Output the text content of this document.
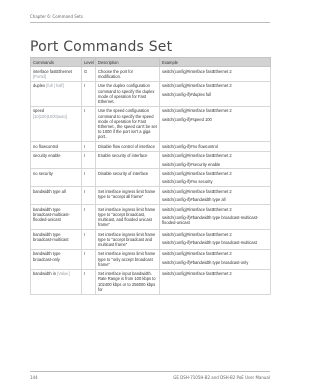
Chapter 6: Command Sets
Port Commands Set
Commands	Level	Description	Example
interface fastEthernet [Portid]	G	Choose the port for modification.	switch(config)#interface fastEthernet 2

duplex [full | half]	I	Use the duplex configuration command to specify the duplex mode of operation for Fast Ethernet.	switch(config)#interface fastEthernet 2
switch(config-if)#duplex full

speed [10|100|1000|auto]	I	Use the speed configuration command to specify the speed mode of operation for Fast Ethernet., the speed can't be set to 1000 if the port isn't a giga port..	switch(config)#interface fastEthernet 2
switch(config-if)#speed 100

no flowcontrol	I	Disable flow control of interface	switch(config-if)#no flowcontrol

security enable	I	Enable security of interface	switch(config)#interface fastEthernet 2
switch(config-if)#security enable

no security	I	Disable security of interface	switch(config)#interface fastEthernet 2
switch(config-if)#no security

bandwidth type all	I	Set interface ingress limit frame type to "accept all frame"	switch(config)#interface fastEthernet 2
switch(config-if)#bandwidth type all

bandwidth type broadcast-multicast-flooded-unicast	I	Set interface ingress limit frame type to "accept broadcast, multicast, and flooded unicast frame"	switch(config)#interface fastEthernet 2
switch(config-if)#bandwidth type broadcast-multicast-flooded-unicast

bandwidth type broadcast-multicast	I	Set interface ingress limit frame type to "accept broadcast and multicast frame"	switch(config)#interface fastEthernet 2
switch(config-if)#bandwidth type broadcast-multicast

bandwidth type broadcast-only	I	Set interface ingress limit frame type to "only accept broadcast frame"	switch(config)#interface fastEthernet 2
switch(config-if)#bandwidth type broadcast-only

bandwidth in [Value]	I	Set interface input bandwidth. Rate Range is from 100 kbps to 102400 kbps or to 256000 kbps for	switch(config)#interface fastEthernet 2
144	GE DSH-7105H-B2 and DSH-B2 PoE User Manual
